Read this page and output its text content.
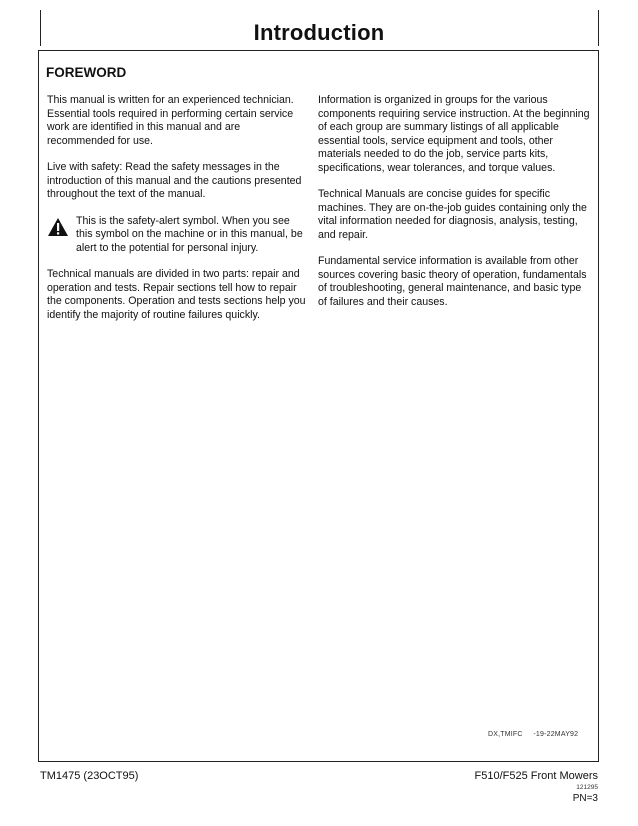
Introduction
FOREWORD

This manual is written for an experienced technician. Essential tools required in performing certain service work are identified in this manual and are recommended for use.

Live with safety: Read the safety messages in the introduction of this manual and the cautions presented throughout the text of the manual.

This is the safety-alert symbol. When you see this symbol on the machine or in this manual, be alert to the potential for personal injury.

Technical manuals are divided in two parts: repair and operation and tests. Repair sections tell how to repair the components. Operation and tests sections help you identify the majority of routine failures quickly.

Information is organized in groups for the various components requiring service instruction. At the beginning of each group are summary listings of all applicable essential tools, service equipment and tools, other materials needed to do the job, service parts kits, specifications, wear tolerances, and torque values.

Technical Manuals are concise guides for specific machines. They are on-the-job guides containing only the vital information needed for diagnosis, analysis, testing, and repair.

Fundamental service information is available from other sources covering basic theory of operation, fundamentals of troubleshooting, general maintenance, and basic type of failures and their causes.

DX,TMIFC     -19-22MAY92
TM1475 (23OCT95)	F510/F525 Front Mowers
121295
PN=3
